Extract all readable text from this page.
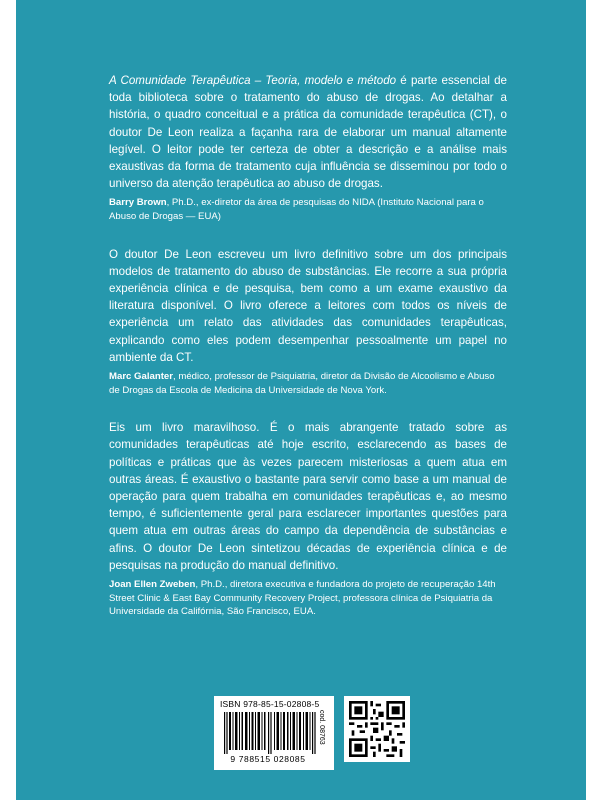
A Comunidade Terapêutica – Teoria, modelo e método é parte essencial de toda biblioteca sobre o tratamento do abuso de drogas. Ao detalhar a história, o quadro conceitual e a prática da comunidade terapêutica (CT), o doutor De Leon realiza a façanha rara de elaborar um manual altamente legível. O leitor pode ter certeza de obter a descrição e a análise mais exaustivas da forma de tratamento cuja influência se disseminou por todo o universo da atenção terapêutica ao abuso de drogas.

Barry Brown, Ph.D., ex-diretor da área de pesquisas do NIDA (Instituto Nacional para o Abuso de Drogas — EUA)

O doutor De Leon escreveu um livro definitivo sobre um dos principais modelos de tratamento do abuso de substâncias. Ele recorre a sua própria experiência clínica e de pesquisa, bem como a um exame exaustivo da literatura disponível. O livro oferece a leitores com todos os níveis de experiência um relato das atividades das comunidades terapêuticas, explicando como eles podem desempenhar pessoalmente um papel no ambiente da CT.

Marc Galanter, médico, professor de Psiquiatria, diretor da Divisão de Alcoolismo e Abuso de Drogas da Escola de Medicina da Universidade de Nova York.

Eis um livro maravilhoso. É o mais abrangente tratado sobre as comunidades terapêuticas até hoje escrito, esclarecendo as bases de políticas e práticas que às vezes parecem misteriosas a quem atua em outras áreas. É exaustivo o bastante para servir como base a um manual de operação para quem trabalha em comunidades terapêuticas e, ao mesmo tempo, é suficientemente geral para esclarecer importantes questões para quem atua em outras áreas do campo da dependência de substâncias e afins. O doutor De Leon sintetizou décadas de experiência clínica e de pesquisas na produção do manual definitivo.

Joan Ellen Zweben, Ph.D., diretora executiva e fundadora do projeto de recuperação 14th Street Clinic & East Bay Community Recovery Project, professora clínica de Psiquiatria da Universidade da Califórnia, São Francisco, EUA.

ISBN 978-85-15-02808-5
9 788515 028085
cod. 08763
